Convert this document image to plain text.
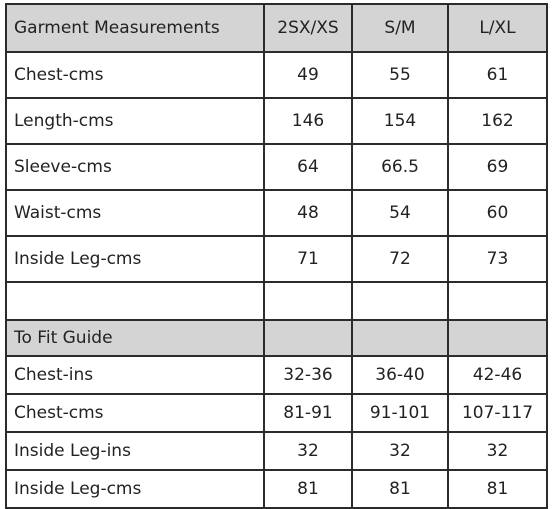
Garment Measurements	2SX/XS	S/M	L/XL
Chest-cms	49	55	61
Length-cms	146	154	162
Sleeve-cms	64	66.5	69
Waist-cms	48	54	60
Inside Leg-cms	71	72	73

To Fit Guide			
Chest-ins	32-36	36-40	42-46
Chest-cms	81-91	91-101	107-117
Inside Leg-ins	32	32	32
Inside Leg-cms	81	81	81
